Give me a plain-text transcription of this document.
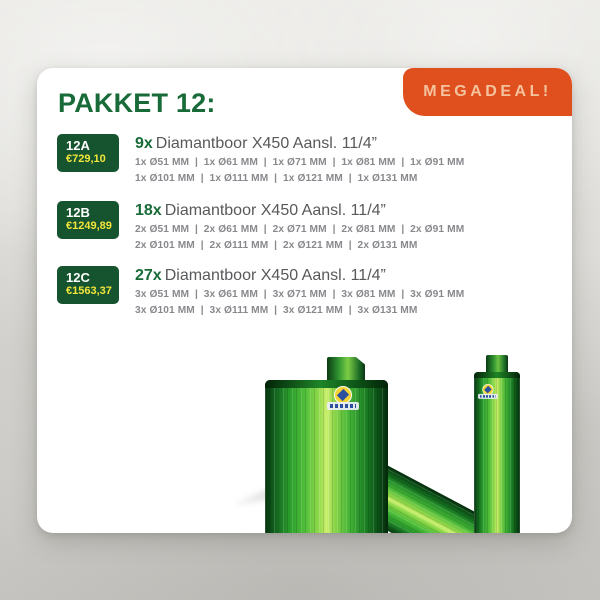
MEGADEAL!
PAKKET 12:
12A
€729,10
9x Diamantboor X450 Aansl. 11/4”
1x Ø51 MM  |  1x Ø61 MM  |  1x Ø71 MM  |  1x Ø81 MM  |  1x Ø91 MM
1x Ø101 MM  |  1x Ø111 MM  |  1x Ø121 MM  |  1x Ø131 MM
12B
€1249,89
18x Diamantboor X450 Aansl. 11/4”
2x Ø51 MM  |  2x Ø61 MM  |  2x Ø71 MM  |  2x Ø81 MM  |  2x Ø91 MM
2x Ø101 MM  |  2x Ø111 MM  |  2x Ø121 MM  |  2x Ø131 MM
12C
€1563,37
27x Diamantboor X450 Aansl. 11/4”
3x Ø51 MM  |  3x Ø61 MM  |  3x Ø71 MM  |  3x Ø81 MM  |  3x Ø91 MM
3x Ø101 MM  |  3x Ø111 MM  |  3x Ø121 MM  |  3x Ø131 MM
